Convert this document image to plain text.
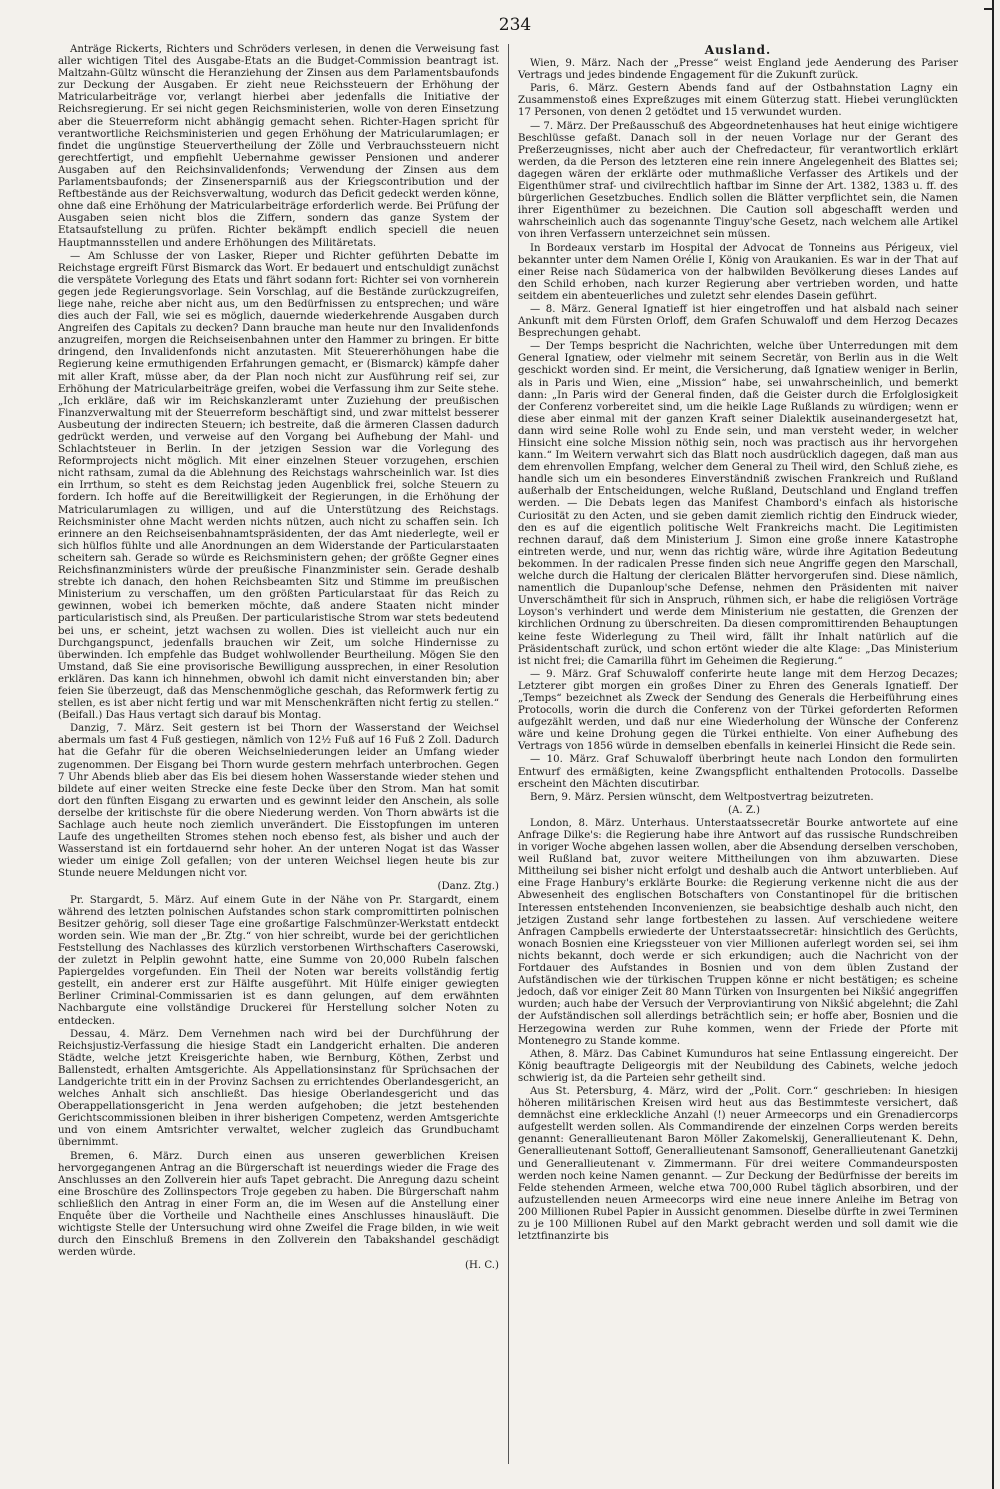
234

Anträge Rickerts, Richters und Schröders verlesen, in denen die Verweisung fast aller wichtigen Titel des Ausgabe-Etats an die Budget-Commission beantragt ist. Maltzahn-Gültz wünscht die Heranziehung der Zinsen aus dem Parlamentsbaufonds zur Deckung der Ausgaben. Er zieht neue Reichssteuern der Erhöhung der Matricularbeiträge vor, verlangt hierbei aber jedenfalls die Initiative der Reichsregierung. Er sei nicht gegen Reichsministerien, wolle von deren Einsetzung aber die Steuerreform nicht abhängig gemacht sehen. Richter-Hagen spricht für verantwortliche Reichsministerien und gegen Erhöhung der Matricularumlagen; er findet die ungünstige Steuervertheilung der Zölle und Verbrauchssteuern nicht gerechtfertigt, und empfiehlt Uebernahme gewisser Pensionen und anderer Ausgaben auf den Reichsinvalidenfonds; Verwendung der Zinsen aus dem Parlamentsbaufonds; der Zinsenersparniß aus der Kriegscontribution und der Reftbestände aus der Reichsverwaltung, wodurch das Deficit gedeckt werden könne, ohne daß eine Erhöhung der Matricularbeiträge erforderlich werde. Bei Prüfung der Ausgaben seien nicht blos die Ziffern, sondern das ganze System der Etatsaufstellung zu prüfen. Richter bekämpft endlich speciell die neuen Hauptmannsstellen und andere Erhöhungen des Militäretats.

— Am Schlusse der von Lasker, Rieper und Richter geführten Debatte im Reichstage ergreift Fürst Bismarck das Wort. Er bedauert und entschuldigt zunächst die verspätete Vorlegung des Etats und fährt sodann fort: Richter sei von vornherein gegen jede Regierungsvorlage. Sein Vorschlag, auf die Bestände zurückzugreifen, liege nahe, reiche aber nicht aus, um den Bedürfnissen zu entsprechen; und wäre dies auch der Fall, wie sei es möglich, dauernde wiederkehrende Ausgaben durch Angreifen des Capitals zu decken? Dann brauche man heute nur den Invalidenfonds anzugreifen, morgen die Reichseisenbahnen unter den Hammer zu bringen. Er bitte dringend, den Invalidenfonds nicht anzutasten. Mit Steuererhöhungen habe die Regierung keine ermuthigenden Erfahrungen gemacht, er (Bismarck) kämpfe daher mit aller Kraft, müsse aber, da der Plan noch nicht zur Ausführung reif sei, zur Erhöhung der Matricularbeiträge greifen, wobei die Verfassung ihm zur Seite stehe. „Ich erkläre, daß wir im Reichskanzleramt unter Zuziehung der preußischen Finanzverwaltung mit der Steuerreform beschäftigt sind, und zwar mittelst besserer Ausbeutung der indirecten Steuern; ich bestreite, daß die ärmeren Classen dadurch gedrückt werden, und verweise auf den Vorgang bei Aufhebung der Mahl- und Schlachtsteuer in Berlin. In der jetzigen Session war die Vorlegung des Reformprojects nicht möglich. Mit einer einzelnen Steuer vorzugehen, erschien nicht rathsam, zumal da die Ablehnung des Reichstags wahrscheinlich war. Ist dies ein Irrthum, so steht es dem Reichstag jeden Augenblick frei, solche Steuern zu fordern. Ich hoffe auf die Bereitwilligkeit der Regierungen, in die Erhöhung der Matricularumlagen zu willigen, und auf die Unterstützung des Reichstags. Reichsminister ohne Macht werden nichts nützen, auch nicht zu schaffen sein. Ich erinnere an den Reichseisenbahnamtspräsidenten, der das Amt niederlegte, weil er sich hülflos fühlte und alle Anordnungen an dem Widerstande der Particularstaaten scheitern sah. Gerade so würde es Reichsministern gehen; der größte Gegner eines Reichsfinanzministers würde der preußische Finanzminister sein. Gerade deshalb strebte ich danach, den hohen Reichsbeamten Sitz und Stimme im preußischen Ministerium zu verschaffen, um den größten Particularstaat für das Reich zu gewinnen, wobei ich bemerken möchte, daß andere Staaten nicht minder particularistisch sind, als Preußen. Der particularistische Strom war stets bedeutend bei uns, er scheint, jetzt wachsen zu wollen. Dies ist vielleicht auch nur ein Durchgangspunct, jedenfalls brauchen wir Zeit, um solche Hindernisse zu überwinden. Ich empfehle das Budget wohlwollender Beurtheilung. Mögen Sie den Umstand, daß Sie eine provisorische Bewilligung aussprechen, in einer Resolution erklären. Das kann ich hinnehmen, obwohl ich damit nicht einverstanden bin; aber feien Sie überzeugt, daß das Menschenmögliche geschah, das Reformwerk fertig zu stellen, es ist aber nicht fertig und war mit Menschenkräften nicht fertig zu stellen.“ (Beifall.) Das Haus vertagt sich darauf bis Montag.

Danzig, 7. März. Seit gestern ist bei Thorn der Wasserstand der Weichsel abermals um fast 4 Fuß gestiegen, nämlich von 12½ Fuß auf 16 Fuß 2 Zoll. Dadurch hat die Gefahr für die oberen Weichselniederungen leider an Umfang wieder zugenommen. Der Eisgang bei Thorn wurde gestern mehrfach unterbrochen. Gegen 7 Uhr Abends blieb aber das Eis bei diesem hohen Wasserstande wieder stehen und bildete auf einer weiten Strecke eine feste Decke über den Strom. Man hat somit dort den fünften Eisgang zu erwarten und es gewinnt leider den Anschein, als solle derselbe der kritischste für die obere Niederung werden. Von Thorn abwärts ist die Sachlage auch heute noch ziemlich unverändert. Die Eisstopfungen im unteren Laufe des ungetheilten Stromes stehen noch ebenso fest, als bisher und auch der Wasserstand ist ein fortdauernd sehr hoher. An der unteren Nogat ist das Wasser wieder um einige Zoll gefallen; von der unteren Weichsel liegen heute bis zur Stunde neuere Meldungen nicht vor.

(Danz. Ztg.)

Pr. Stargardt, 5. März. Auf einem Gute in der Nähe von Pr. Stargardt, einem während des letzten polnischen Aufstandes schon stark compromittirten polnischen Besitzer gehörig, soll dieser Tage eine großartige Falschmünzer-Werkstatt entdeckt worden sein. Wie man der „Br. Ztg.“ von hier schreibt, wurde bei der gerichtlichen Feststellung des Nachlasses des kürzlich verstorbenen Wirthschafters Caserowski, der zuletzt in Pelplin gewohnt hatte, eine Summe von 20,000 Rubeln falschen Papiergeldes vorgefunden. Ein Theil der Noten war bereits vollständig fertig gestellt, ein anderer erst zur Hälfte ausgeführt. Mit Hülfe einiger gewiegten Berliner Criminal-Commissarien ist es dann gelungen, auf dem erwähnten Nachbargute eine vollständige Druckerei für Herstellung solcher Noten zu entdecken.

Dessau, 4. März. Dem Vernehmen nach wird bei der Durchführung der Reichsjustiz-Verfassung die hiesige Stadt ein Landgericht erhalten. Die anderen Städte, welche jetzt Kreisgerichte haben, wie Bernburg, Köthen, Zerbst und Ballenstedt, erhalten Amtsgerichte. Als Appellationsinstanz für Sprüchsachen der Landgerichte tritt ein in der Provinz Sachsen zu errichtendes Oberlandesgericht, an welches Anhalt sich anschließt. Das hiesige Oberlandesgericht und das Oberappellationsgericht in Jena werden aufgehoben; die jetzt bestehenden Gerichtscommissionen bleiben in ihrer bisherigen Competenz, werden Amtsgerichte und von einem Amtsrichter verwaltet, welcher zugleich das Grundbuchamt übernimmt.

Bremen, 6. März. Durch einen aus unseren gewerblichen Kreisen hervorgegangenen Antrag an die Bürgerschaft ist neuerdings wieder die Frage des Anschlusses an den Zollverein hier aufs Tapet gebracht. Die Anregung dazu scheint eine Broschüre des Zollinspectors Troje gegeben zu haben. Die Bürgerschaft nahm schließlich den Antrag in einer Form an, die im Wesen auf die Anstellung einer Enquête über die Vortheile und Nachtheile eines Anschlusses hinausläuft. Die wichtigste Stelle der Untersuchung wird ohne Zweifel die Frage bilden, in wie weit durch den Einschluß Bremens in den Zollverein den Tabakshandel geschädigt werden würde.

(H. C.)

Ausland.

Wien, 9. März. Nach der „Presse“ weist England jede Aenderung des Pariser Vertrags und jedes bindende Engagement für die Zukunft zurück.

Paris, 6. März. Gestern Abends fand auf der Ostbahnstation Lagny ein Zusammenstoß eines Expreßzuges mit einem Güterzug statt. Hiebei verunglückten 17 Personen, von denen 2 getödtet und 15 verwundet wurden.

— 7. März. Der Preßausschuß des Abgeordnetenhauses hat heut einige wichtigere Beschlüsse gefaßt. Danach soll in der neuen Vorlage nur der Gerant des Preßerzeugnisses, nicht aber auch der Chefredacteur, für verantwortlich erklärt werden, da die Person des letzteren eine rein innere Angelegenheit des Blattes sei; dagegen wären der erklärte oder muthmaßliche Verfasser des Artikels und der Eigenthümer straf- und civilrechtlich haftbar im Sinne der Art. 1382, 1383 u. ff. des bürgerlichen Gesetzbuches. Endlich sollen die Blätter verpflichtet sein, die Namen ihrer Eigenthümer zu bezeichnen. Die Caution soll abgeschafft werden und wahrscheinlich auch das sogenannte Tinguy'sche Gesetz, nach welchem alle Artikel von ihren Verfassern unterzeichnet sein müssen.

In Bordeaux verstarb im Hospital der Advocat de Tonneins aus Périgeux, viel bekannter unter dem Namen Orélie I, König von Araukanien. Es war in der That auf einer Reise nach Südamerica von der halbwilden Bevölkerung dieses Landes auf den Schild erhoben, nach kurzer Regierung aber vertrieben worden, und hatte seitdem ein abenteuerliches und zuletzt sehr elendes Dasein geführt.

— 8. März. General Ignatieff ist hier eingetroffen und hat alsbald nach seiner Ankunft mit dem Fürsten Orloff, dem Grafen Schuwaloff und dem Herzog Decazes Besprechungen gehabt.

— Der Temps bespricht die Nachrichten, welche über Unterredungen mit dem General Ignatiew, oder vielmehr mit seinem Secretär, von Berlin aus in die Welt geschickt worden sind. Er meint, die Versicherung, daß Ignatiew weniger in Berlin, als in Paris und Wien, eine „Mission“ habe, sei unwahrscheinlich, und bemerkt dann: „In Paris wird der General finden, daß die Geister durch die Erfolglosigkeit der Conferenz vorbereitet sind, um die heikle Lage Rußlands zu würdigen; wenn er diese aber einmal mit der ganzen Kraft seiner Dialektik auseinandergesetzt hat, dann wird seine Rolle wohl zu Ende sein, und man versteht weder, in welcher Hinsicht eine solche Mission nöthig sein, noch was practisch aus ihr hervorgehen kann.“ Im Weitern verwahrt sich das Blatt noch ausdrücklich dagegen, daß man aus dem ehrenvollen Empfang, welcher dem General zu Theil wird, den Schluß ziehe, es handle sich um ein besonderes Einverständniß zwischen Frankreich und Rußland außerhalb der Entscheidungen, welche Rußland, Deutschland und England treffen werden. — Die Debats legen das Manifest Chambord's einfach als historische Curiosität zu den Acten, und sie geben damit ziemlich richtig den Eindruck wieder, den es auf die eigentlich politische Welt Frankreichs macht. Die Legitimisten rechnen darauf, daß dem Ministerium J. Simon eine große innere Katastrophe eintreten werde, und nur, wenn das richtig wäre, würde ihre Agitation Bedeutung bekommen. In der radicalen Presse finden sich neue Angriffe gegen den Marschall, welche durch die Haltung der clericalen Blätter hervorgerufen sind. Diese nämlich, namentlich die Dupanloup'sche Defense, nehmen den Präsidenten mit naiver Unverschämtheit für sich in Anspruch, rühmen sich, er habe die religiösen Vorträge Loyson's verhindert und werde dem Ministerium nie gestatten, die Grenzen der kirchlichen Ordnung zu überschreiten. Da diesen compromittirenden Behauptungen keine feste Widerlegung zu Theil wird, fällt ihr Inhalt natürlich auf die Präsidentschaft zurück, und schon ertönt wieder die alte Klage: „Das Ministerium ist nicht frei; die Camarilla führt im Geheimen die Regierung.“

— 9. März. Graf Schuwaloff conferirte heute lange mit dem Herzog Decazes; Letzterer gibt morgen ein großes Diner zu Ehren des Generals Ignatieff. Der „Temps“ bezeichnet als Zweck der Sendung des Generals die Herbeiführung eines Protocolls, worin die durch die Conferenz von der Türkei geforderten Reformen aufgezählt werden, und daß nur eine Wiederholung der Wünsche der Conferenz wäre und keine Drohung gegen die Türkei enthielte. Von einer Aufhebung des Vertrags von 1856 würde in demselben ebenfalls in keinerlei Hinsicht die Rede sein.

— 10. März. Graf Schuwaloff überbringt heute nach London den formulirten Entwurf des ermäßigten, keine Zwangspflicht enthaltenden Protocolls. Dasselbe erscheint den Mächten discutirbar.

Bern, 9. März. Persien wünscht, dem Weltpostvertrag beizutreten.

(A. Z.)

London, 8. März. Unterhaus. Unterstaatssecretär Bourke antwortete auf eine Anfrage Dilke's: die Regierung habe ihre Antwort auf das russische Rundschreiben in voriger Woche abgehen lassen wollen, aber die Absendung derselben verschoben, weil Rußland bat, zuvor weitere Mittheilungen von ihm abzuwarten. Diese Mittheilung sei bisher nicht erfolgt und deshalb auch die Antwort unterblieben. Auf eine Frage Hanbury's erklärte Bourke: die Regierung verkenne nicht die aus der Abwesenheit des englischen Botschafters von Constantinopel für die britischen Interessen entstehenden Inconvenienzen, sie beabsichtige deshalb auch nicht, den jetzigen Zustand sehr lange fortbestehen zu lassen. Auf verschiedene weitere Anfragen Campbells erwiederte der Unterstaatssecretär: hinsichtlich des Gerüchts, wonach Bosnien eine Kriegssteuer von vier Millionen auferlegt worden sei, sei ihm nichts bekannt, doch werde er sich erkundigen; auch die Nachricht von der Fortdauer des Aufstandes in Bosnien und von dem üblen Zustand der Aufständischen wie der türkischen Truppen könne er nicht bestätigen; es scheine jedoch, daß vor einiger Zeit 80 Mann Türken von Insurgenten bei Nikšić angegriffen wurden; auch habe der Versuch der Verproviantirung von Nikšić abgelehnt; die Zahl der Aufständischen soll allerdings beträchtlich sein; er hoffe aber, Bosnien und die Herzegowina werden zur Ruhe kommen, wenn der Friede der Pforte mit Montenegro zu Stande komme.

Athen, 8. März. Das Cabinet Kumunduros hat seine Entlassung eingereicht. Der König beauftragte Deligeorgis mit der Neubildung des Cabinets, welche jedoch schwierig ist, da die Parteien sehr getheilt sind.

Aus St. Petersburg, 4. März, wird der „Polit. Corr.“ geschrieben: In hiesigen höheren militärischen Kreisen wird heut aus das Bestimmteste versichert, daß demnächst eine erkleckliche Anzahl (!) neuer Armeecorps und ein Grenadiercorps aufgestellt werden sollen. Als Commandirende der einzelnen Corps werden bereits genannt: Generallieutenant Baron Möller Zakomelskij, Generallieutenant K. Dehn, Generallieutenant Sottoff, Generallieutenant Samsonoff, Generallieutenant Ganetzkij und Generallieutenant v. Zimmermann. Für drei weitere Commandeursposten werden noch keine Namen genannt. — Zur Deckung der Bedürfnisse der bereits im Felde stehenden Armeen, welche etwa 700,000 Rubel täglich absorbiren, und der aufzustellenden neuen Armeecorps wird eine neue innere Anleihe im Betrag von 200 Millionen Rubel Papier in Aussicht genommen. Dieselbe dürfte in zwei Terminen zu je 100 Millionen Rubel auf den Markt gebracht werden und soll damit wie die letztfinanzirte bis
